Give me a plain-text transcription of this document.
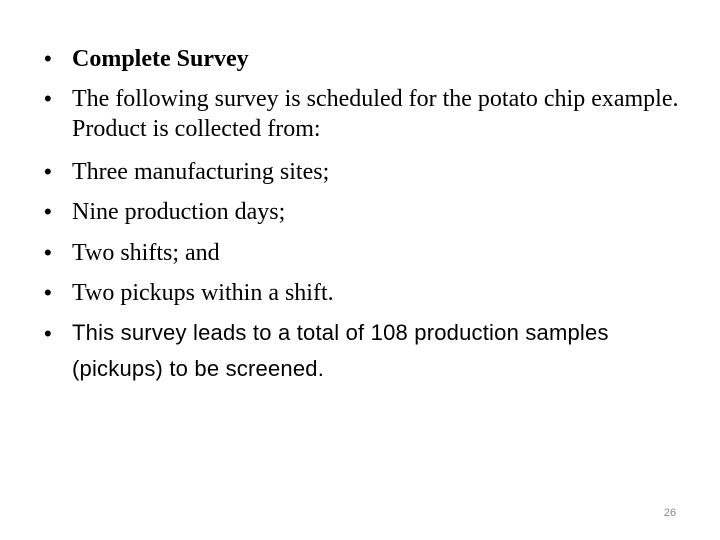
• Complete Survey
• The following survey is scheduled for the potato chip example. Product is collected from:
• Three manufacturing sites;
• Nine production days;
• Two shifts; and
• Two pickups within a shift.
• This survey leads to a total of 108 production samples (pickups) to be screened.
26
